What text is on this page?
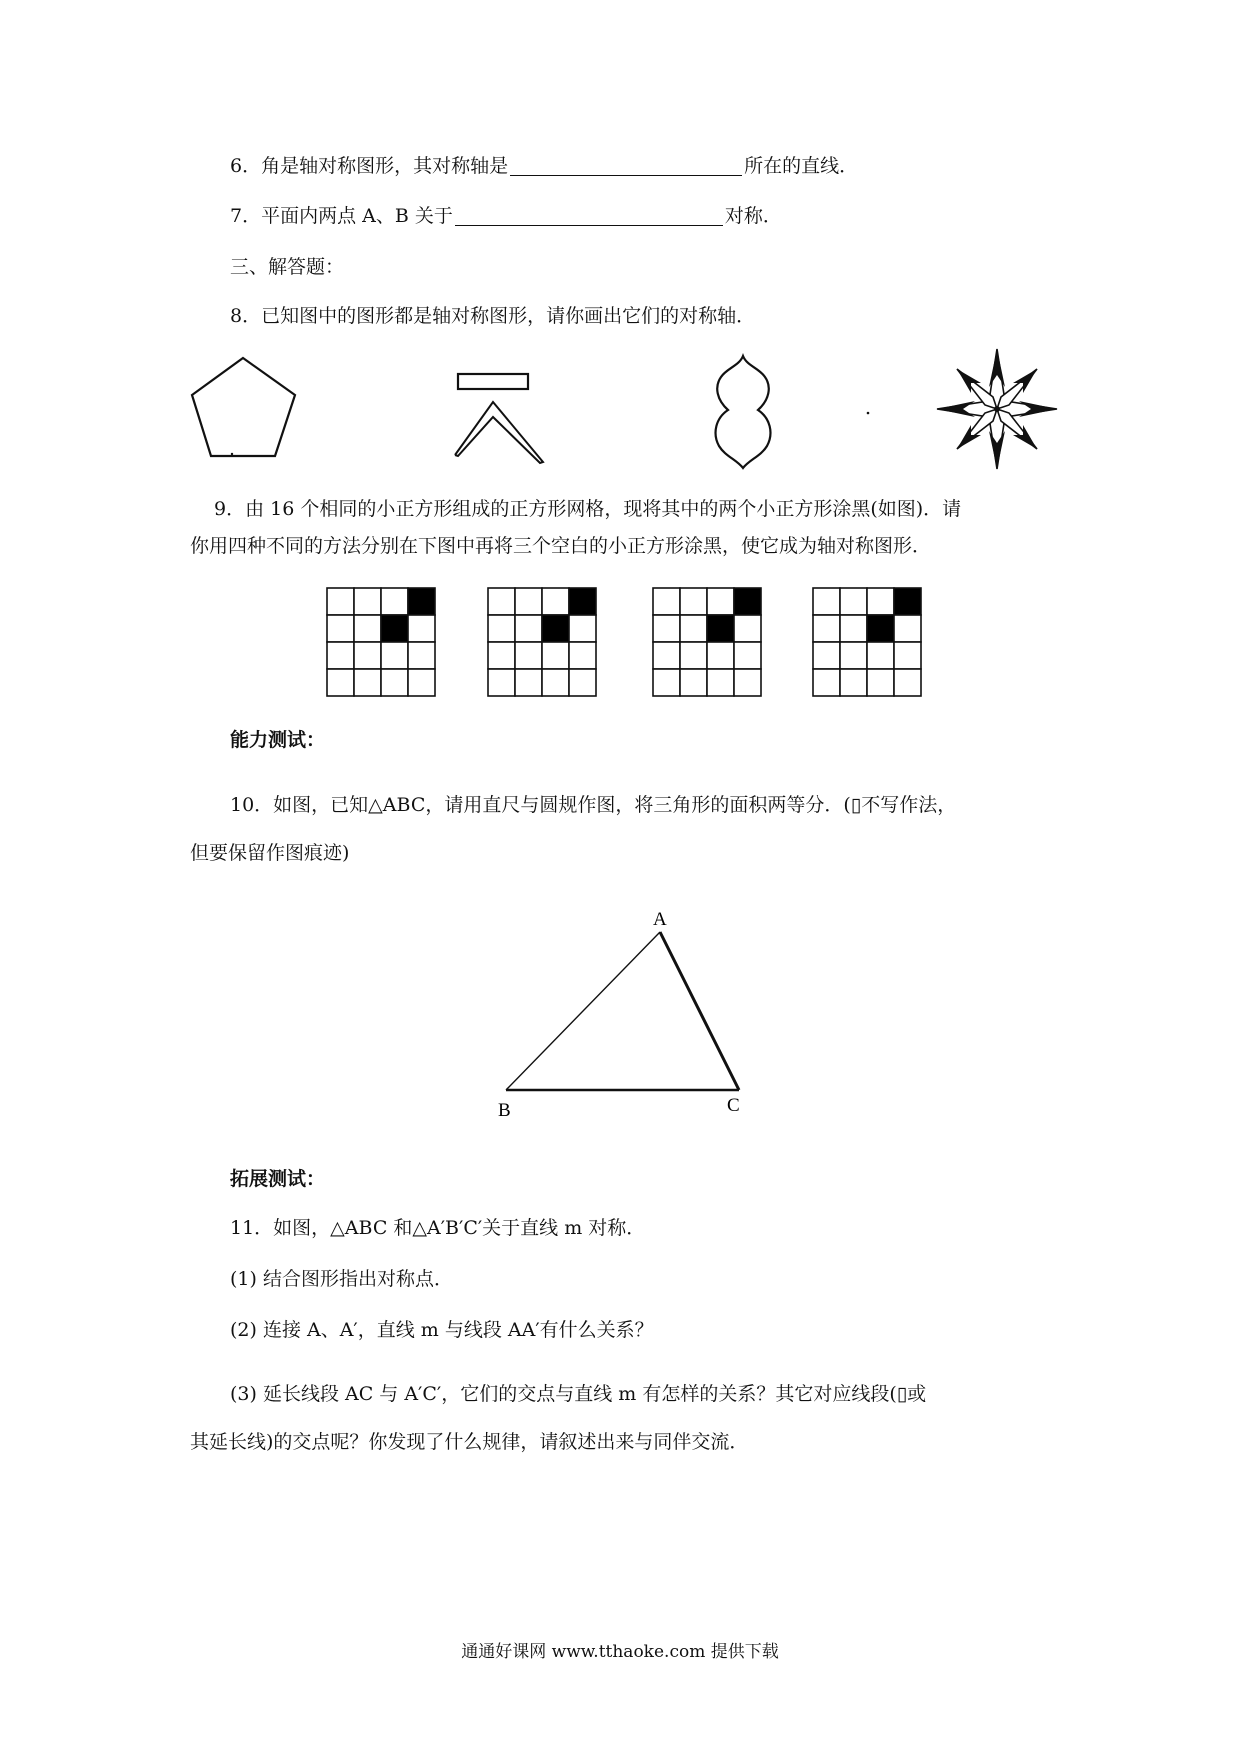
6．角是轴对称图形，其对称轴是	所在的直线．
7．平面内两点 A、B 关于	对称．
三、解答题：
8．已知图中的图形都是轴对称图形，请你画出它们的对称轴．
9．由 16 个相同的小正方形组成的正方形网格，现将其中的两个小正方形涂黑(如图)．请
你用四种不同的方法分别在下图中再将三个空白的小正方形涂黑，使它成为轴对称图形．
能力测试：
10．如图，已知△ABC，请用直尺与圆规作图，将三角形的面积两等分．(▯不写作法，
但要保留作图痕迹)
A
B	C
拓展测试：
11．如图，△ABC 和△A′B′C′关于直线 m 对称．
(1) 结合图形指出对称点．
(2) 连接 A、A′，直线 m 与线段 AA′有什么关系？
(3) 延长线段 AC 与 A′C′，它们的交点与直线 m 有怎样的关系？其它对应线段(▯或
其延长线)的交点呢？你发现了什么规律，请叙述出来与同伴交流．
通通好课网 www.tthaoke.com 提供下载
